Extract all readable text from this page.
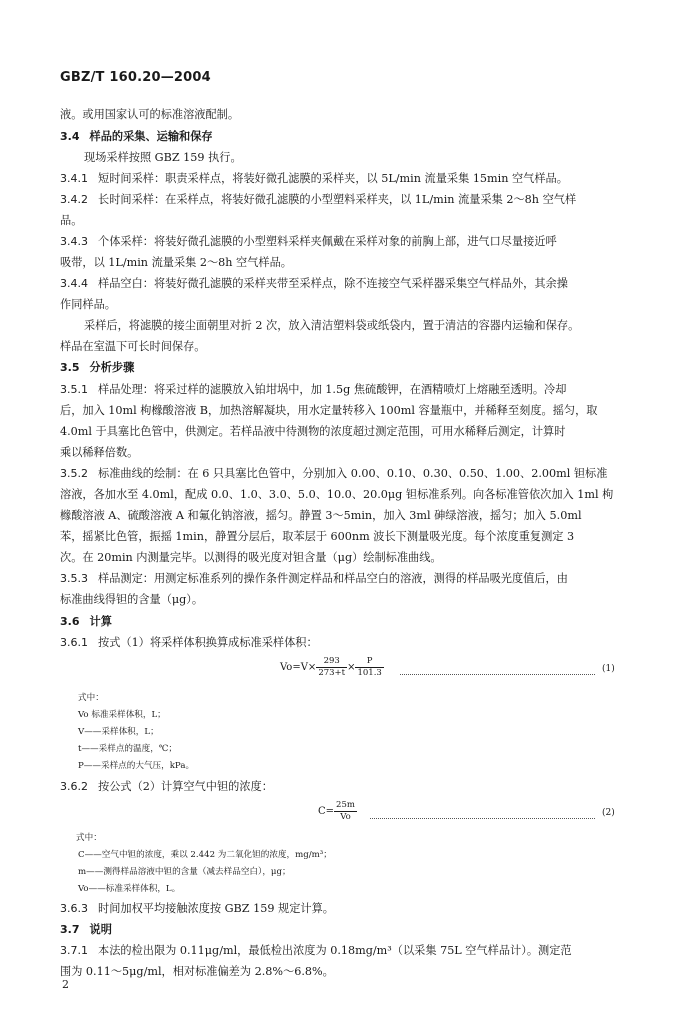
GBZ/T 160.20—2004
液。或用国家认可的标准溶液配制。
3.4 样品的采集、运输和保存
现场采样按照 GBZ 159 执行。
3.4.1 短时间采样：职责采样点，将装好微孔滤膜的采样夹，以 5L/min 流量采集 15min 空气样品。
3.4.2 长时间采样：在采样点，将装好微孔滤膜的小型塑料采样夹，以 1L/min 流量采集 2～8h 空气样
品。
3.4.3 个体采样：将装好微孔滤膜的小型塑料采样夹佩戴在采样对象的前胸上部，进气口尽量接近呼
吸带，以 1L/min 流量采集 2～8h 空气样品。
3.4.4 样品空白：将装好微孔滤膜的采样夹带至采样点，除不连接空气采样器采集空气样品外，其余操
作同样品。
采样后，将滤膜的接尘面朝里对折 2 次，放入清洁塑料袋或纸袋内，置于清洁的容器内运输和保存。
样品在室温下可长时间保存。
3.5 分析步骤
3.5.1 样品处理：将采过样的滤膜放入铂坩埚中，加 1.5g 焦硫酸钾，在酒精喷灯上熔融至透明。冷却
后，加入 10ml 枸橼酸溶液 B，加热溶解凝块，用水定量转移入 100ml 容量瓶中，并稀释至刻度。摇匀，取
4.0ml 于具塞比色管中，供测定。若样品液中待测物的浓度超过测定范围，可用水稀释后测定，计算时
乘以稀释倍数。
3.5.2 标准曲线的绘制：在 6 只具塞比色管中，分别加入 0.00、0.10、0.30、0.50、1.00、2.00ml 钽标准
溶液，各加水至 4.0ml，配成 0.0、1.0、3.0、5.0、10.0、20.0μg 钽标准系列。向各标准管依次加入 1ml 枸
橼酸溶液 A、硫酸溶液 A 和氟化钠溶液，摇匀。静置 3～5min，加入 3ml 砷绿溶液，摇匀；加入 5.0ml
苯，摇紧比色管，振摇 1min，静置分层后，取苯层于 600nm 波长下测量吸光度。每个浓度重复测定 3
次。在 20min 内测量完毕。以测得的吸光度对钽含量（μg）绘制标准曲线。
3.5.3 样品测定：用测定标准系列的操作条件测定样品和样品空白的溶液，测得的样品吸光度值后，由
标准曲线得钽的含量（μg）。
3.6 计算
3.6.1 按式（1）将采样体积换算成标准采样体积：
$Vo=V\times \frac{293}{273+t} \times \frac{P}{101.3}$	(1)
式中：
Vo 标准采样体积，L；
V——采样体积，L；
t——采样点的温度，℃；
P——采样点的大气压，kPa。
3.6.2 按公式（2）计算空气中钽的浓度：
$C= \frac{25m}{Vo}$	(2)
式中：
C——空气中钽的浓度，乘以 2.442 为二氧化钽的浓度，mg/m³；
m——测得样品溶液中钽的含量（减去样品空白），μg；
Vo——标准采样体积，L。
3.6.3 时间加权平均接触浓度按 GBZ 159 规定计算。
3.7 说明
3.7.1 本法的检出限为 0.11μg/ml，最低检出浓度为 0.18mg/m³（以采集 75L 空气样品计）。测定范
围为 0.11～5μg/ml，相对标准偏差为 2.8%～6.8%。
2
